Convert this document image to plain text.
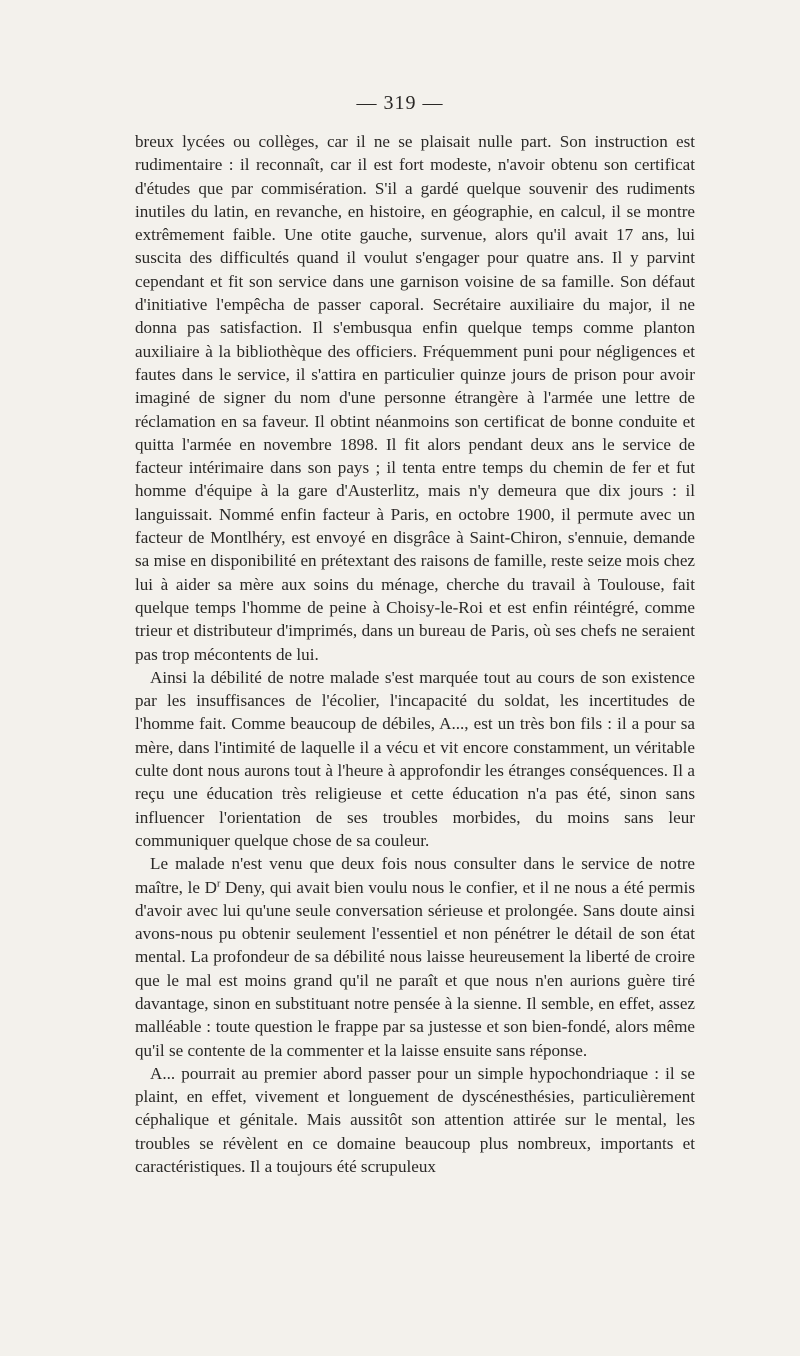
— 319 —

breux lycées ou collèges, car il ne se plaisait nulle part. Son instruction est rudimentaire : il reconnaît, car il est fort modeste, n'avoir obtenu son certificat d'études que par commisération. S'il a gardé quelque souvenir des rudiments inutiles du latin, en revanche, en histoire, en géographie, en calcul, il se montre extrêmement faible. Une otite gauche, survenue, alors qu'il avait 17 ans, lui suscita des difficultés quand il voulut s'engager pour quatre ans. Il y parvint cependant et fit son service dans une garnison voisine de sa famille. Son défaut d'initiative l'empêcha de passer caporal. Secrétaire auxiliaire du major, il ne donna pas satisfaction. Il s'embusqua enfin quelque temps comme planton auxiliaire à la bibliothèque des officiers. Fréquemment puni pour négligences et fautes dans le service, il s'attira en particulier quinze jours de prison pour avoir imaginé de signer du nom d'une personne étrangère à l'armée une lettre de réclamation en sa faveur. Il obtint néanmoins son certificat de bonne conduite et quitta l'armée en novembre 1898. Il fit alors pendant deux ans le service de facteur intérimaire dans son pays ; il tenta entre temps du chemin de fer et fut homme d'équipe à la gare d'Austerlitz, mais n'y demeura que dix jours : il languissait. Nommé enfin facteur à Paris, en octobre 1900, il permute avec un facteur de Montlhéry, est envoyé en disgrâce à Saint-Chiron, s'ennuie, demande sa mise en disponibilité en prétextant des raisons de famille, reste seize mois chez lui à aider sa mère aux soins du ménage, cherche du travail à Toulouse, fait quelque temps l'homme de peine à Choisy-le-Roi et est enfin réintégré, comme trieur et distributeur d'imprimés, dans un bureau de Paris, où ses chefs ne seraient pas trop mécontents de lui.

Ainsi la débilité de notre malade s'est marquée tout au cours de son existence par les insuffisances de l'écolier, l'incapacité du soldat, les incertitudes de l'homme fait. Comme beaucoup de débiles, A..., est un très bon fils : il a pour sa mère, dans l'intimité de laquelle il a vécu et vit encore constamment, un véritable culte dont nous aurons tout à l'heure à approfondir les étranges conséquences. Il a reçu une éducation très religieuse et cette éducation n'a pas été, sinon sans influencer l'orientation de ses troubles morbides, du moins sans leur communiquer quelque chose de sa couleur.

Le malade n'est venu que deux fois nous consulter dans le service de notre maître, le $D^r$ Deny, qui avait bien voulu nous le confier, et il ne nous a été permis d'avoir avec lui qu'une seule conversation sérieuse et prolongée. Sans doute ainsi avons-nous pu obtenir seulement l'essentiel et non pénétrer le détail de son état mental. La profondeur de sa débilité nous laisse heureusement la liberté de croire que le mal est moins grand qu'il ne paraît et que nous n'en aurions guère tiré davantage, sinon en substituant notre pensée à la sienne. Il semble, en effet, assez malléable : toute question le frappe par sa justesse et son bien-fondé, alors même qu'il se contente de la commenter et la laisse ensuite sans réponse.

A... pourrait au premier abord passer pour un simple hypochondriaque : il se plaint, en effet, vivement et longuement de dyscénesthésies, particulièrement céphalique et génitale. Mais aussitôt son attention attirée sur le mental, les troubles se révèlent en ce domaine beaucoup plus nombreux, importants et caractéristiques. Il a toujours été scrupuleux
